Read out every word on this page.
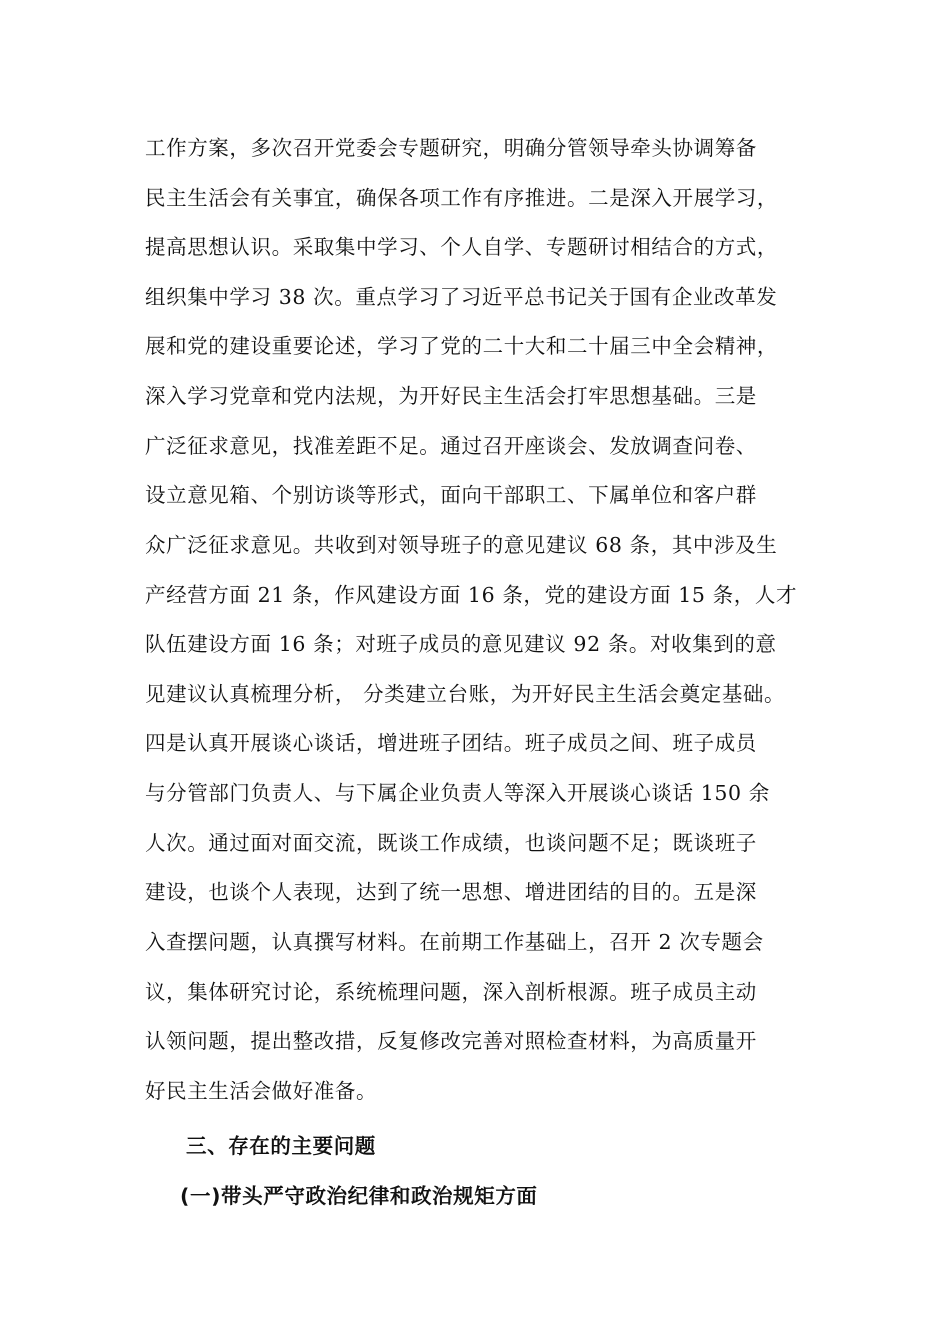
工作方案，多次召开党委会专题研究，明确分管领导牵头协调筹备
民主生活会有关事宜，确保各项工作有序推进。二是深入开展学习，
提高思想认识。采取集中学习、个人自学、专题研讨相结合的方式，
组织集中学习 38 次。重点学习了习近平总书记关于国有企业改革发
展和党的建设重要论述，学习了党的二十大和二十届三中全会精神，
深入学习党章和党内法规，为开好民主生活会打牢思想基础。三是
广泛征求意见，找准差距不足。通过召开座谈会、发放调查问卷、
设立意见箱、个别访谈等形式，面向干部职工、下属单位和客户群
众广泛征求意见。共收到对领导班子的意见建议 68 条，其中涉及生
产经营方面 21 条，作风建设方面 16 条，党的建设方面 15 条，人才
队伍建设方面 16 条；对班子成员的意见建议 92 条。对收集到的意
见建议认真梳理分析， 分类建立台账，为开好民主生活会奠定基础。
四是认真开展谈心谈话，增进班子团结。班子成员之间、班子成员
与分管部门负责人、与下属企业负责人等深入开展谈心谈话 150 余
人次。通过面对面交流，既谈工作成绩，也谈问题不足；既谈班子
建设，也谈个人表现，达到了统一思想、增进团结的目的。五是深
入查摆问题，认真撰写材料。在前期工作基础上，召开 2 次专题会
议，集体研究讨论，系统梳理问题，深入剖析根源。班子成员主动
认领问题，提出整改措，反复修改完善对照检查材料，为高质量开
好民主生活会做好准备。
三、存在的主要问题
(一)带头严守政治纪律和政治规矩方面
